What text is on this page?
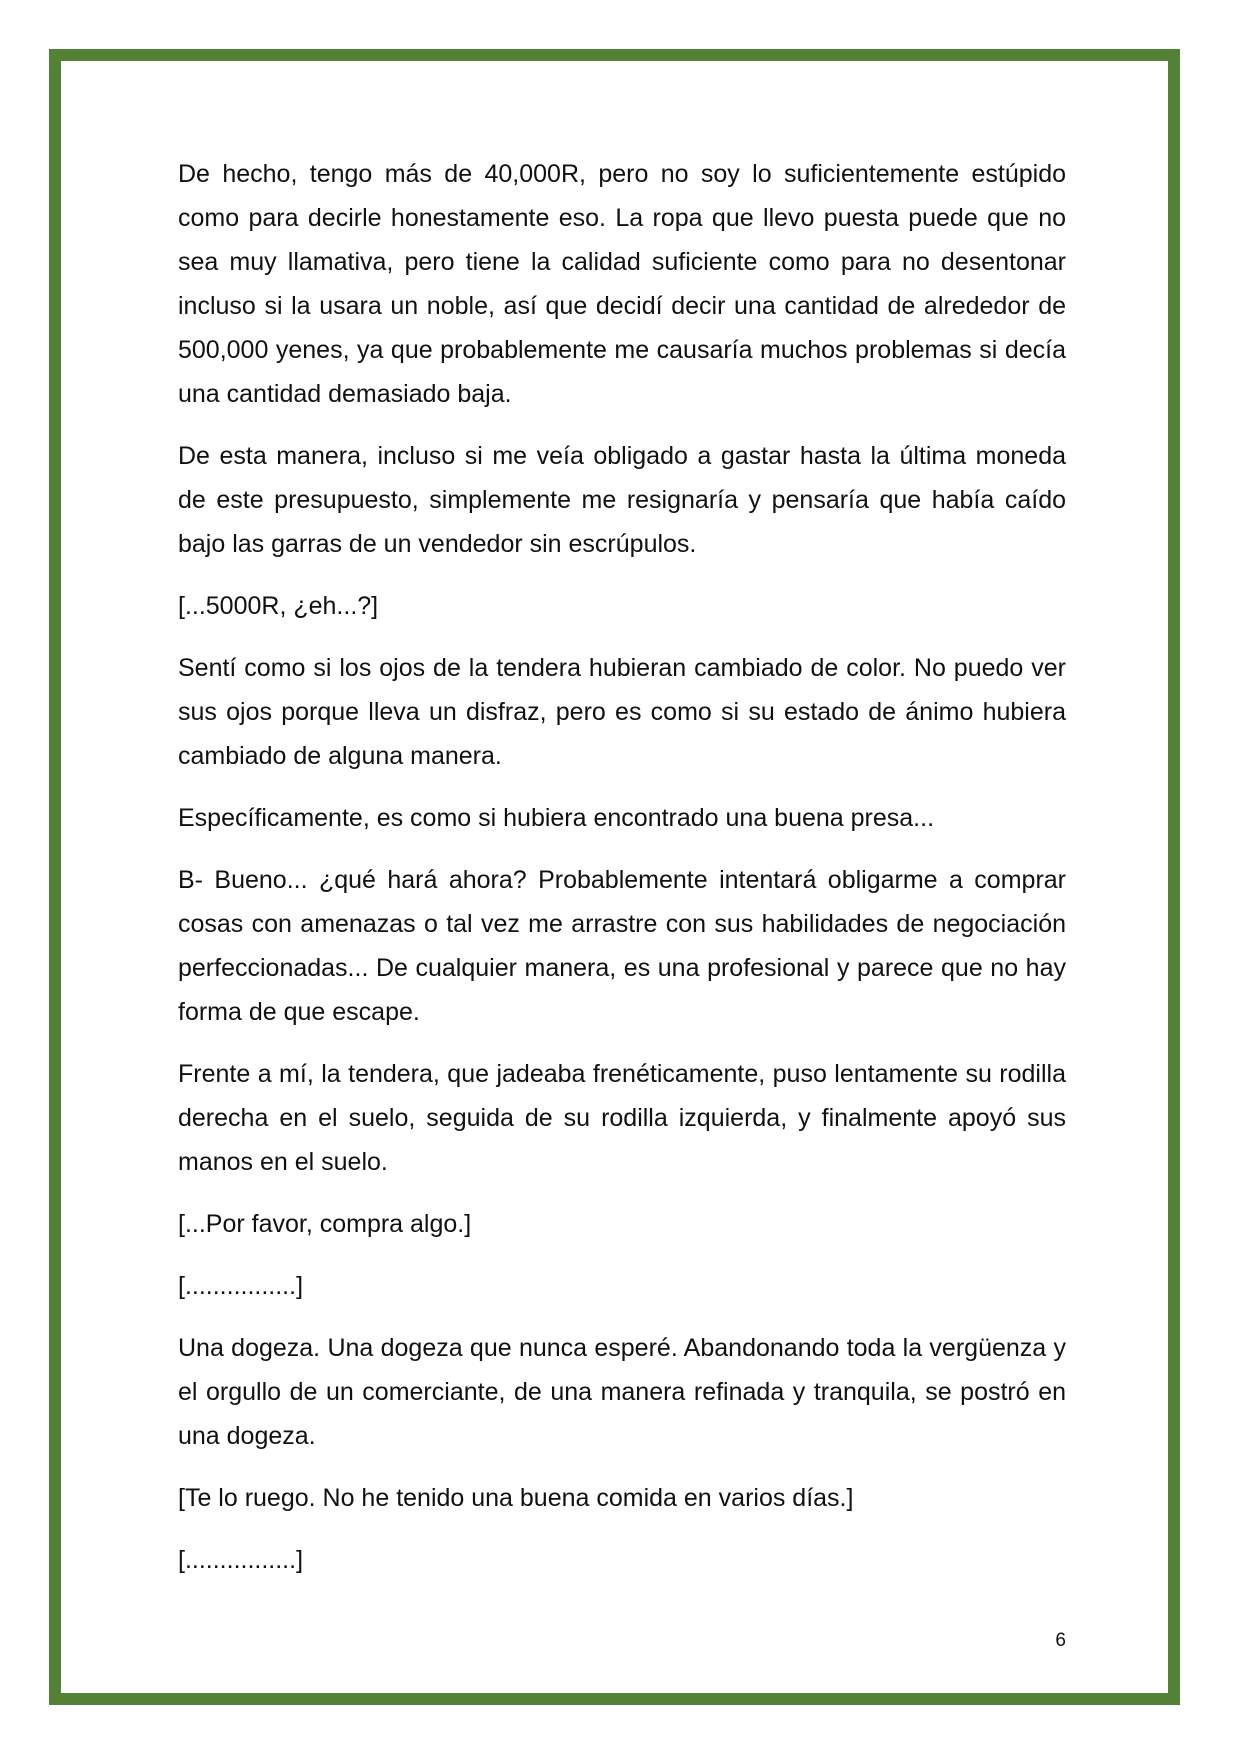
De hecho, tengo más de 40,000R, pero no soy lo suficientemente estúpido como para decirle honestamente eso. La ropa que llevo puesta puede que no sea muy llamativa, pero tiene la calidad suficiente como para no desentonar incluso si la usara un noble, así que decidí decir una cantidad de alrededor de 500,000 yenes, ya que probablemente me causaría muchos problemas si decía una cantidad demasiado baja.

De esta manera, incluso si me veía obligado a gastar hasta la última moneda de este presupuesto, simplemente me resignaría y pensaría que había caído bajo las garras de un vendedor sin escrúpulos.

[...5000R, ¿eh...?]

Sentí como si los ojos de la tendera hubieran cambiado de color. No puedo ver sus ojos porque lleva un disfraz, pero es como si su estado de ánimo hubiera cambiado de alguna manera.

Específicamente, es como si hubiera encontrado una buena presa...

B- Bueno... ¿qué hará ahora? Probablemente intentará obligarme a comprar cosas con amenazas o tal vez me arrastre con sus habilidades de negociación perfeccionadas... De cualquier manera, es una profesional y parece que no hay forma de que escape.

Frente a mí, la tendera, que jadeaba frenéticamente, puso lentamente su rodilla derecha en el suelo, seguida de su rodilla izquierda, y finalmente apoyó sus manos en el suelo.

[...Por favor, compra algo.]

[................]

Una dogeza. Una dogeza que nunca esperé. Abandonando toda la vergüenza y el orgullo de un comerciante, de una manera refinada y tranquila, se postró en una dogeza.

[Te lo ruego. No he tenido una buena comida en varios días.]

[................]

6
